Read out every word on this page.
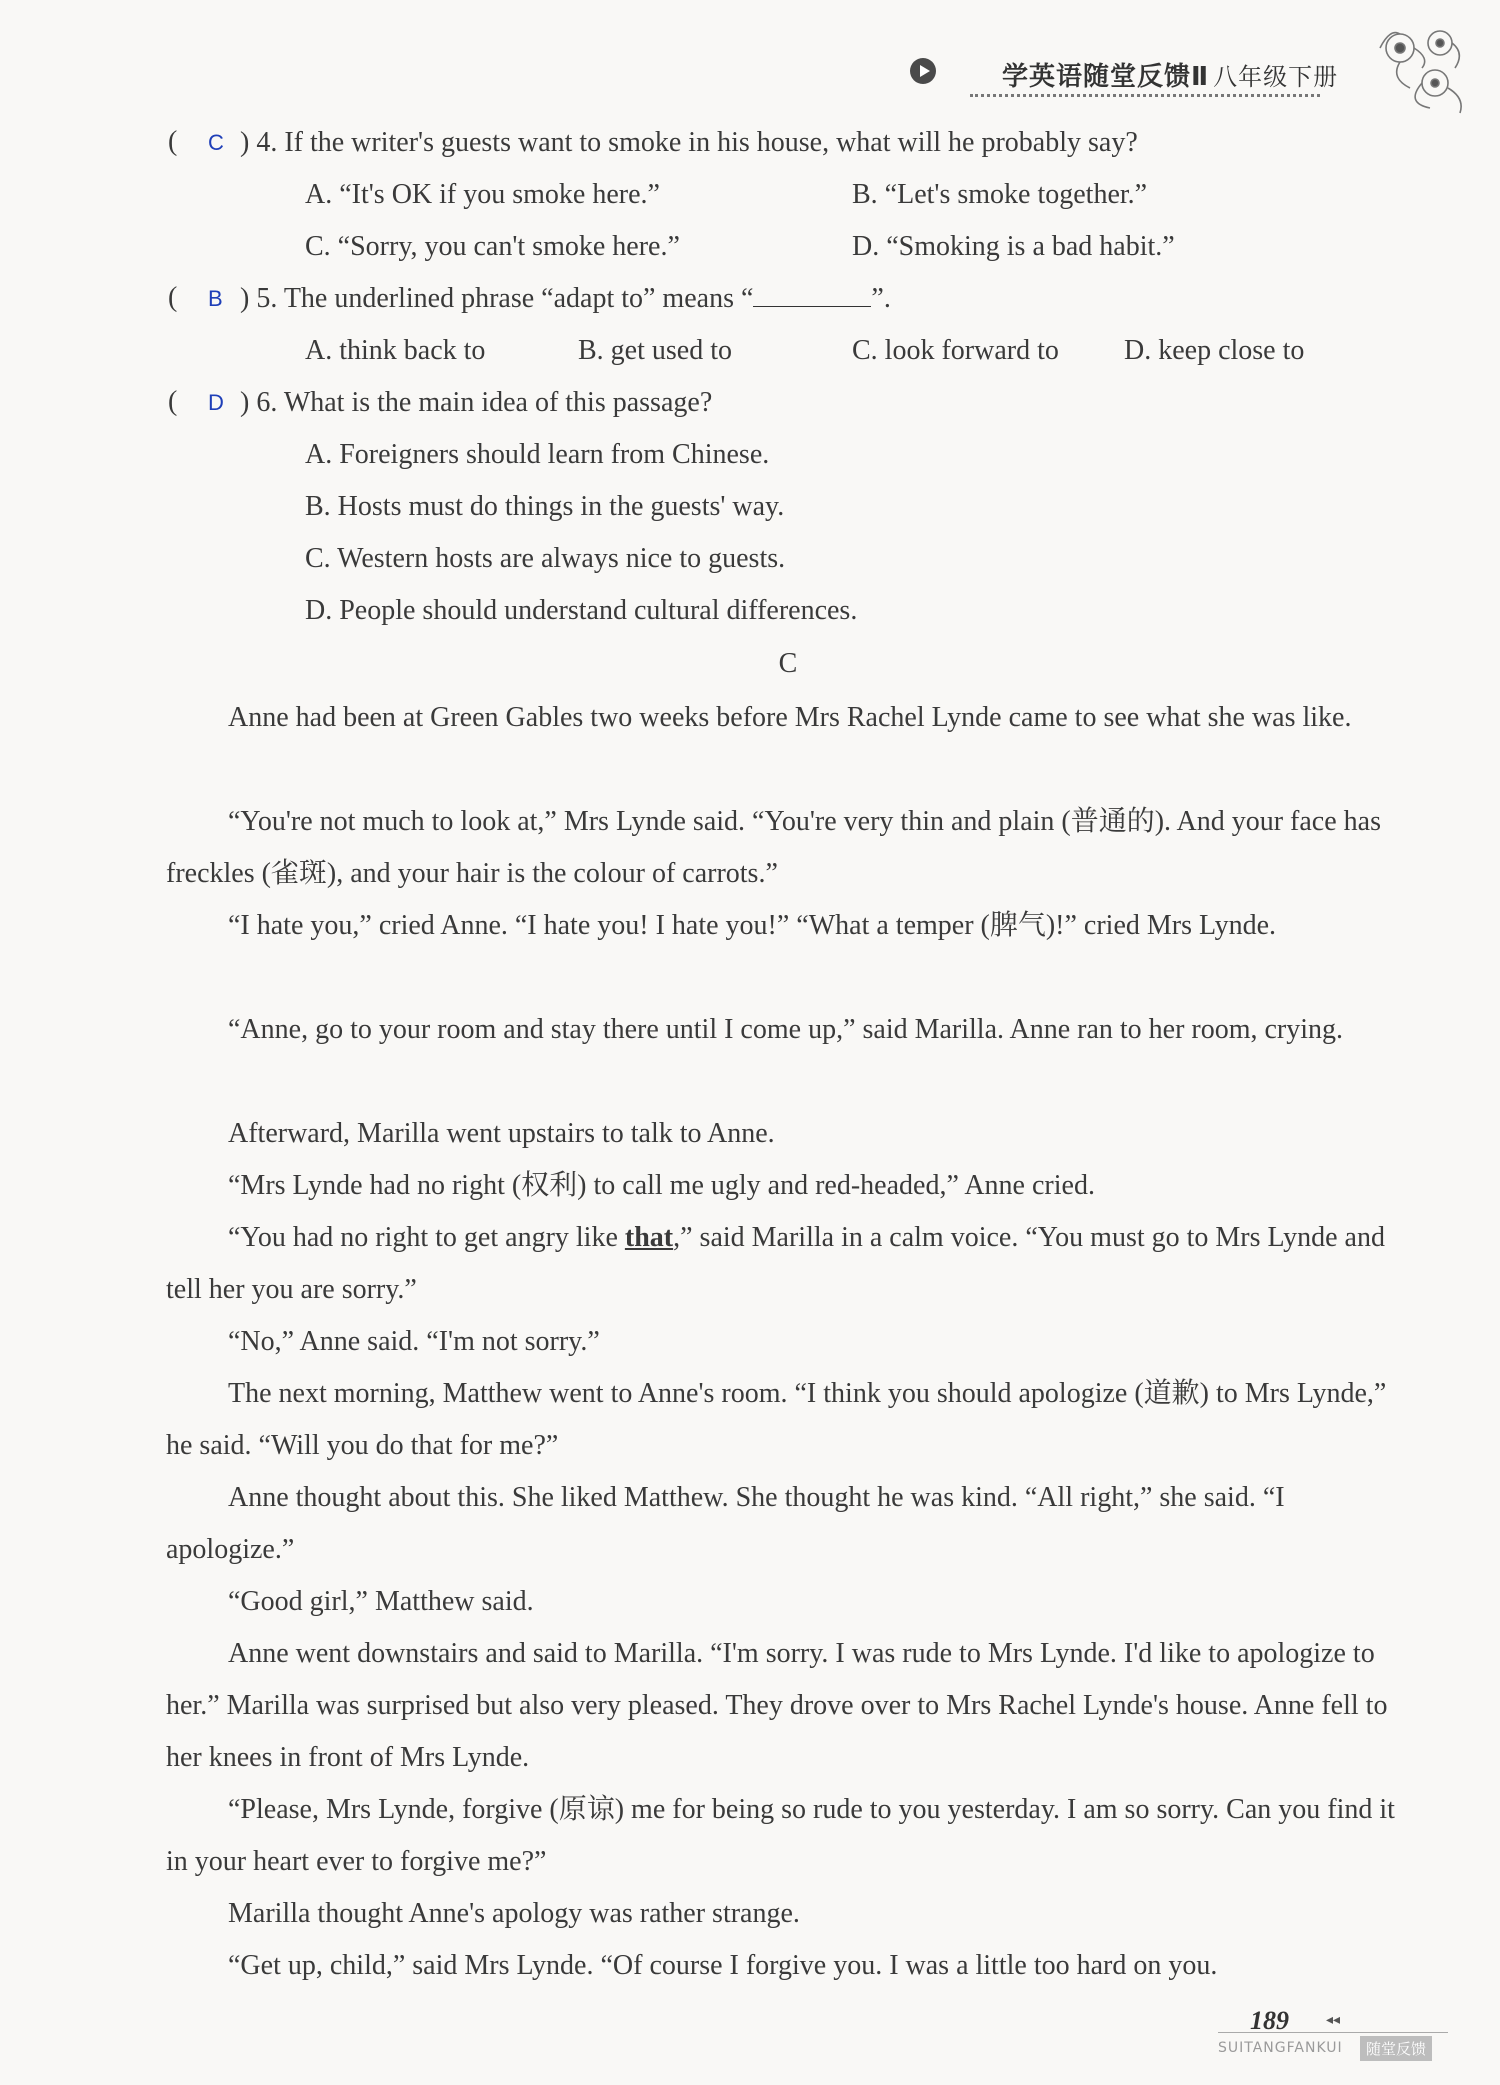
学英语随堂反馈Ⅱ 八年级下册
( C ) 4. If the writer's guests want to smoke in his house, what will he probably say?
A. “It's OK if you smoke here.”	B. “Let's smoke together.”
C. “Sorry, you can't smoke here.”	D. “Smoking is a bad habit.”
( B ) 5. The underlined phrase “adapt to” means “	”.
A. think back to	B. get used to	C. look forward to D. keep close to
( D ) 6. What is the main idea of this passage?
A. Foreigners should learn from Chinese.
B. Hosts must do things in the guests' way.
C. Western hosts are always nice to guests.
D. People should understand cultural differences.
C
Anne had been at Green Gables two weeks before Mrs Rachel Lynde came to see what she was like.
“You're not much to look at,” Mrs Lynde said. “You're very thin and plain (普通的). And your face has freckles (雀斑), and your hair is the colour of carrots.”
“I hate you,” cried Anne. “I hate you! I hate you!” “What a temper (脾气)!” cried Mrs Lynde.
“Anne, go to your room and stay there until I come up,” said Marilla. Anne ran to her room, crying.
Afterward, Marilla went upstairs to talk to Anne.
“Mrs Lynde had no right (权利) to call me ugly and red-headed,” Anne cried.
“You had no right to get angry like that,” said Marilla in a calm voice. “You must go to Mrs Lynde and tell her you are sorry.”
“No,” Anne said. “I'm not sorry.”
The next morning, Matthew went to Anne's room. “I think you should apologize (道歉) to Mrs Lynde,” he said. “Will you do that for me?”
Anne thought about this. She liked Matthew. She thought he was kind. “All right,” she said. “I apologize.”
“Good girl,” Matthew said.
Anne went downstairs and said to Marilla. “I'm sorry. I was rude to Mrs Lynde. I'd like to apologize to her.” Marilla was surprised but also very pleased. They drove over to Mrs Rachel Lynde's house. Anne fell to her knees in front of Mrs Lynde.
“Please, Mrs Lynde, forgive (原谅) me for being so rude to you yesterday. I am so sorry. Can you find it in your heart ever to forgive me?”
Marilla thought Anne's apology was rather strange.
“Get up, child,” said Mrs Lynde. “Of course I forgive you. I was a little too hard on you.
189	◂◂
SUITANGFANKUI	随堂反馈
